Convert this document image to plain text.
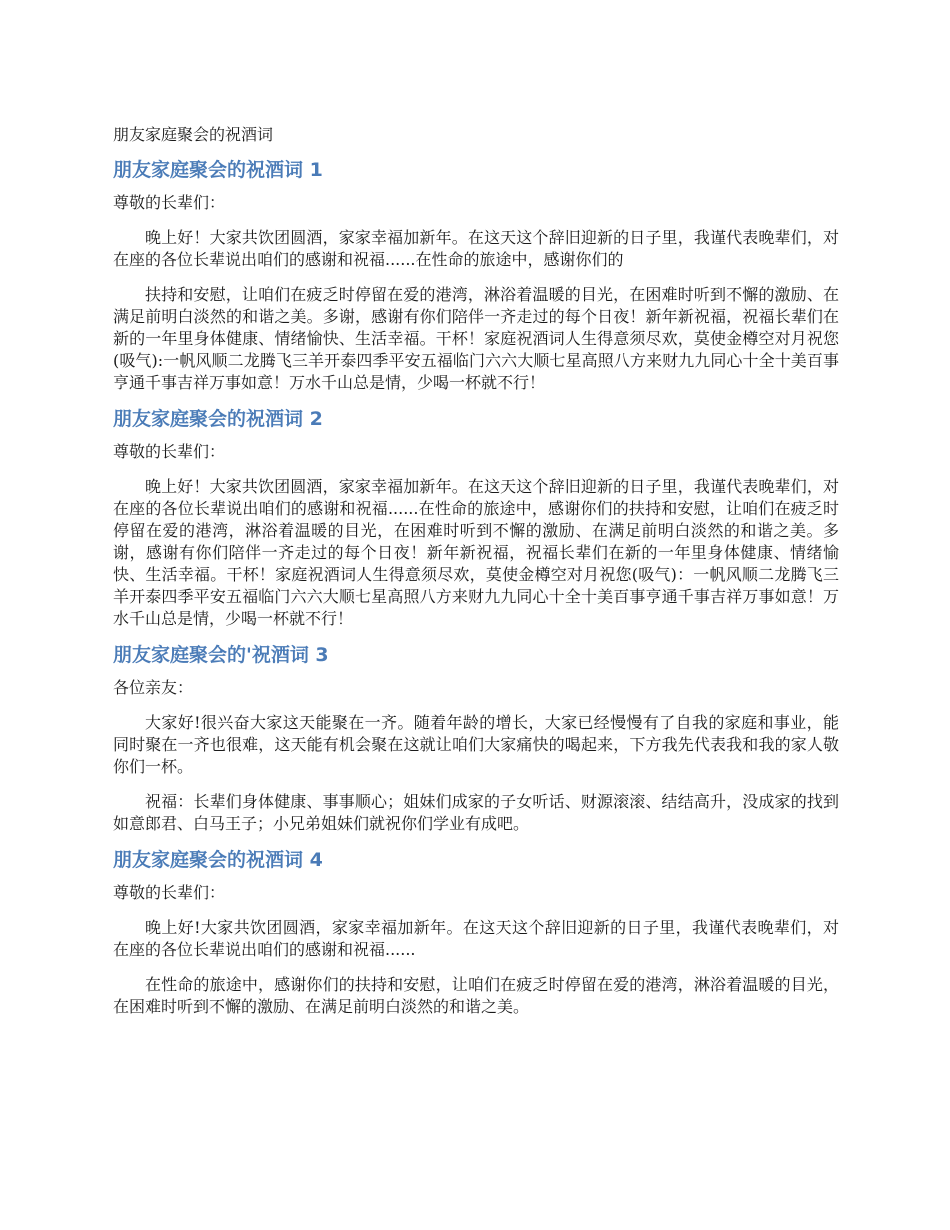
朋友家庭聚会的祝酒词
朋友家庭聚会的祝酒词 1
尊敬的长辈们：
晚上好！大家共饮团圆酒，家家幸福加新年。在这天这个辞旧迎新的日子里，我谨代表晚辈们，对在座的各位长辈说出咱们的感谢和祝福......在性命的旅途中，感谢你们的
扶持和安慰，让咱们在疲乏时停留在爱的港湾，淋浴着温暖的目光，在困难时听到不懈的激励、在满足前明白淡然的和谐之美。多谢，感谢有你们陪伴一齐走过的每个日夜！新年新祝福，祝福长辈们在新的一年里身体健康、情绪愉快、生活幸福。干杯！家庭祝酒词人生得意须尽欢，莫使金樽空对月祝您(吸气):一帆风顺二龙腾飞三羊开泰四季平安五福临门六六大顺七星高照八方来财九九同心十全十美百事亨通千事吉祥万事如意！万水千山总是情，少喝一杯就不行！
朋友家庭聚会的祝酒词 2
尊敬的长辈们：
晚上好！大家共饮团圆酒，家家幸福加新年。在这天这个辞旧迎新的日子里，我谨代表晚辈们，对在座的各位长辈说出咱们的感谢和祝福......在性命的旅途中，感谢你们的扶持和安慰，让咱们在疲乏时停留在爱的港湾，淋浴着温暖的目光，在困难时听到不懈的激励、在满足前明白淡然的和谐之美。多谢，感谢有你们陪伴一齐走过的每个日夜！新年新祝福，祝福长辈们在新的一年里身体健康、情绪愉快、生活幸福。干杯！家庭祝酒词人生得意须尽欢，莫使金樽空对月祝您(吸气)：一帆风顺二龙腾飞三羊开泰四季平安五福临门六六大顺七星高照八方来财九九同心十全十美百事亨通千事吉祥万事如意！万水千山总是情，少喝一杯就不行！
朋友家庭聚会的'祝酒词 3
各位亲友：
大家好!很兴奋大家这天能聚在一齐。随着年龄的增长，大家已经慢慢有了自我的家庭和事业，能同时聚在一齐也很难，这天能有机会聚在这就让咱们大家痛快的喝起来，下方我先代表我和我的家人敬你们一杯。
祝福：长辈们身体健康、事事顺心；姐妹们成家的子女听话、财源滚滚、结结高升，没成家的找到如意郎君、白马王子；小兄弟姐妹们就祝你们学业有成吧。
朋友家庭聚会的祝酒词 4
尊敬的长辈们：
晚上好!大家共饮团圆酒，家家幸福加新年。在这天这个辞旧迎新的日子里，我谨代表晚辈们，对在座的各位长辈说出咱们的感谢和祝福......
在性命的旅途中，感谢你们的扶持和安慰，让咱们在疲乏时停留在爱的港湾，淋浴着温暖的目光，在困难时听到不懈的激励、在满足前明白淡然的和谐之美。
